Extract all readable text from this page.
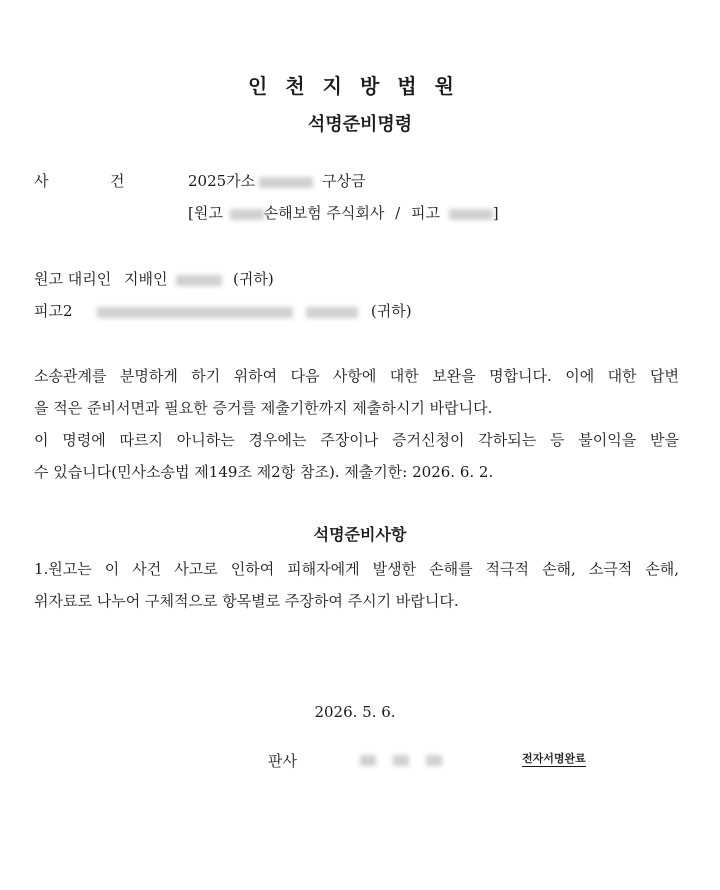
인천지방법원
석명준비명령
사	건	2025가소	구상금
[원고	손해보험 주식회사 / 피고	]
원고 대리인 지배인	(귀하)
피고2	(귀하)
소송관계를 분명하게 하기 위하여 다음 사항에 대한 보완을 명합니다. 이에 대한 답변
을 적은 준비서면과 필요한 증거를 제출기한까지 제출하시기 바랍니다.
이 명령에 따르지 아니하는 경우에는 주장이나 증거신청이 각하되는 등 불이익을 받을
수 있습니다(민사소송법 제149조 제2항 참조). 제출기한: 2026. 6. 2.
석명준비사항
1.원고는 이 사건 사고로 인하여 피해자에게 발생한 손해를 적극적 손해, 소극적 손해,
위자료로 나누어 구체적으로 항목별로 주장하여 주시기 바랍니다.
2026. 5. 6.
판사
	전자서명완료
